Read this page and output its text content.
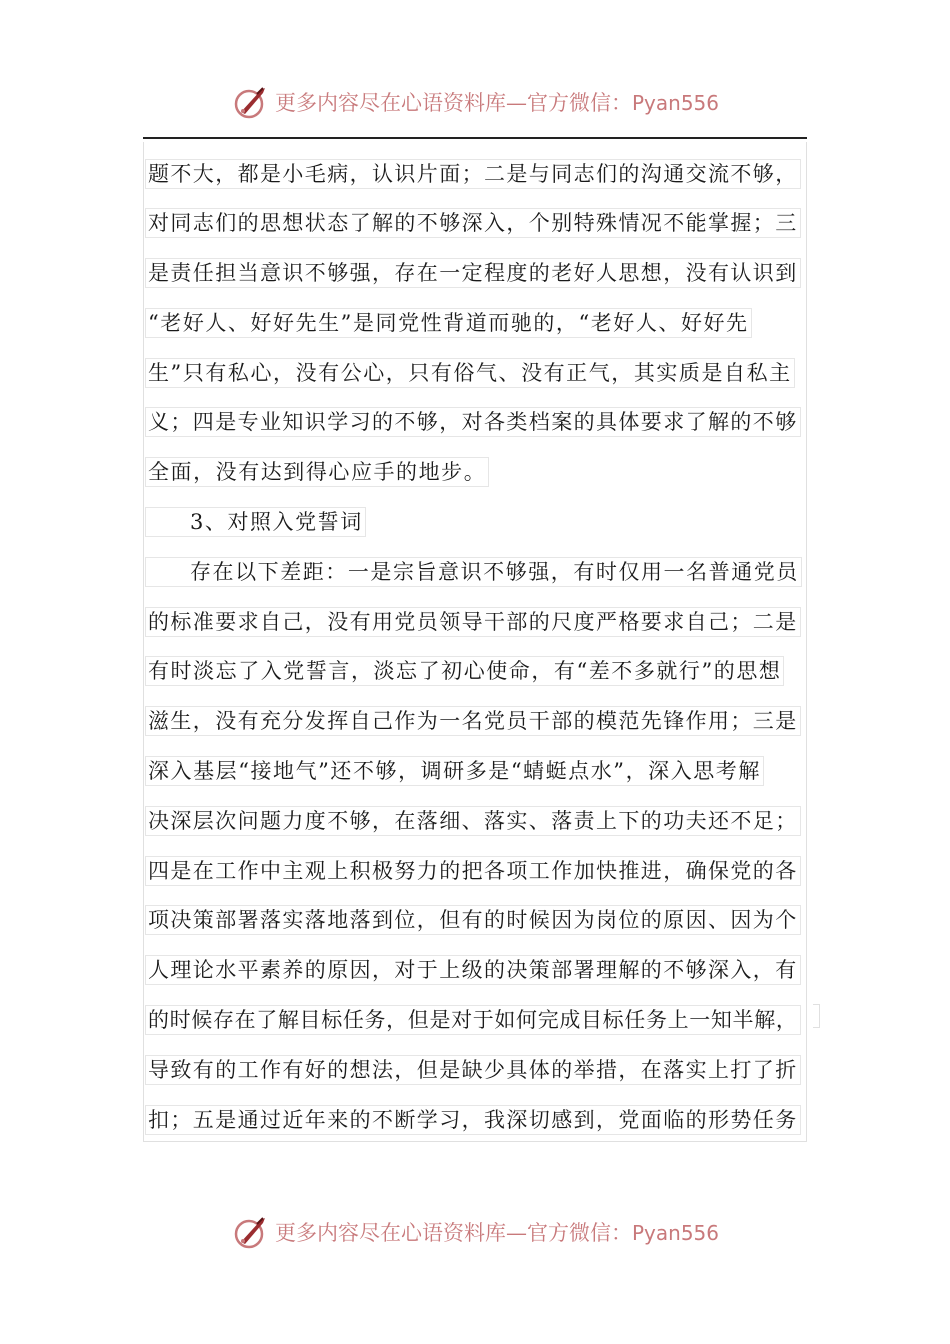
更多内容尽在心语资料库—官方微信：Pyan556
题不大，都是小毛病，认识片面；二是与同志们的沟通交流不够，
对同志们的思想状态了解的不够深入，个别特殊情况不能掌握；三
是责任担当意识不够强，存在一定程度的老好人思想，没有认识到
“老好人、好好先生”是同党性背道而驰的，“老好人、好好先
生”只有私心，没有公心，只有俗气、没有正气，其实质是自私主
义；四是专业知识学习的不够，对各类档案的具体要求了解的不够
全面，没有达到得心应手的地步。
3、对照入党誓词
存在以下差距：一是宗旨意识不够强，有时仅用一名普通党员
的标准要求自己，没有用党员领导干部的尺度严格要求自己；二是
有时淡忘了入党誓言，淡忘了初心使命，有“差不多就行”的思想
滋生，没有充分发挥自己作为一名党员干部的模范先锋作用；三是
深入基层“接地气”还不够，调研多是“蜻蜓点水”，深入思考解
决深层次问题力度不够，在落细、落实、落责上下的功夫还不足；
四是在工作中主观上积极努力的把各项工作加快推进，确保党的各
项决策部署落实落地落到位，但有的时候因为岗位的原因、因为个
人理论水平素养的原因，对于上级的决策部署理解的不够深入，有
的时候存在了解目标任务，但是对于如何完成目标任务上一知半解，
导致有的工作有好的想法，但是缺少具体的举措，在落实上打了折
扣；五是通过近年来的不断学习，我深切感到，党面临的形势任务
更多内容尽在心语资料库—官方微信：Pyan556
